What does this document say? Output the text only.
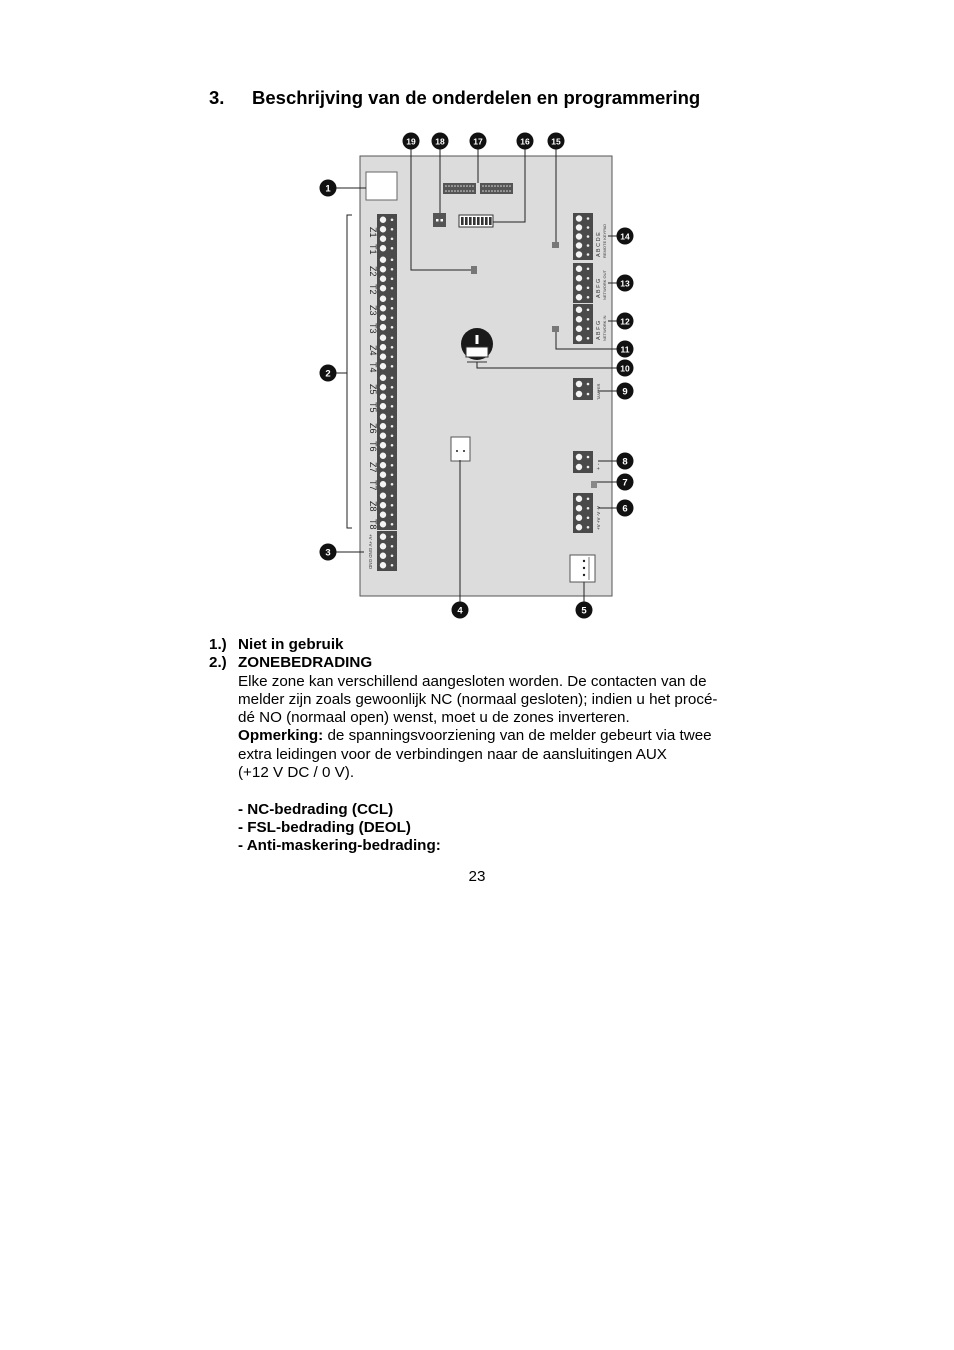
3. Beschrijving van de onderdelen en programmering
Z1
T1
Z2
T2
Z3
T3
Z4
T4
Z5
T5
Z6
T6
Z7
T7
Z8
T8
+V +V GND GND
A B C D E REMOTE KEYPAD
A B F G NETWORK OUT
A B F G NETWORK IN
TAMPER
+ -
+V +V -V -V
1
2
3
4	5
6
7
8
9
10
11
12
13
14
15
16
17
18
19
1.) Niet in gebruik
2.) ZONEBEDRADING
Elke zone kan verschillend aangesloten worden. De contacten van de
melder zijn zoals gewoonlijk NC (normaal gesloten); indien u het procé-
dé NO (normaal open) wenst, moet u de zones inverteren.
Opmerking: de spanningsvoorziening van de melder gebeurt via twee
extra leidingen voor de verbindingen naar de aansluitingen AUX
(+12 V DC / 0 V).
- NC-bedrading (CCL)
- FSL-bedrading (DEOL)
- Anti-maskering-bedrading:
23
